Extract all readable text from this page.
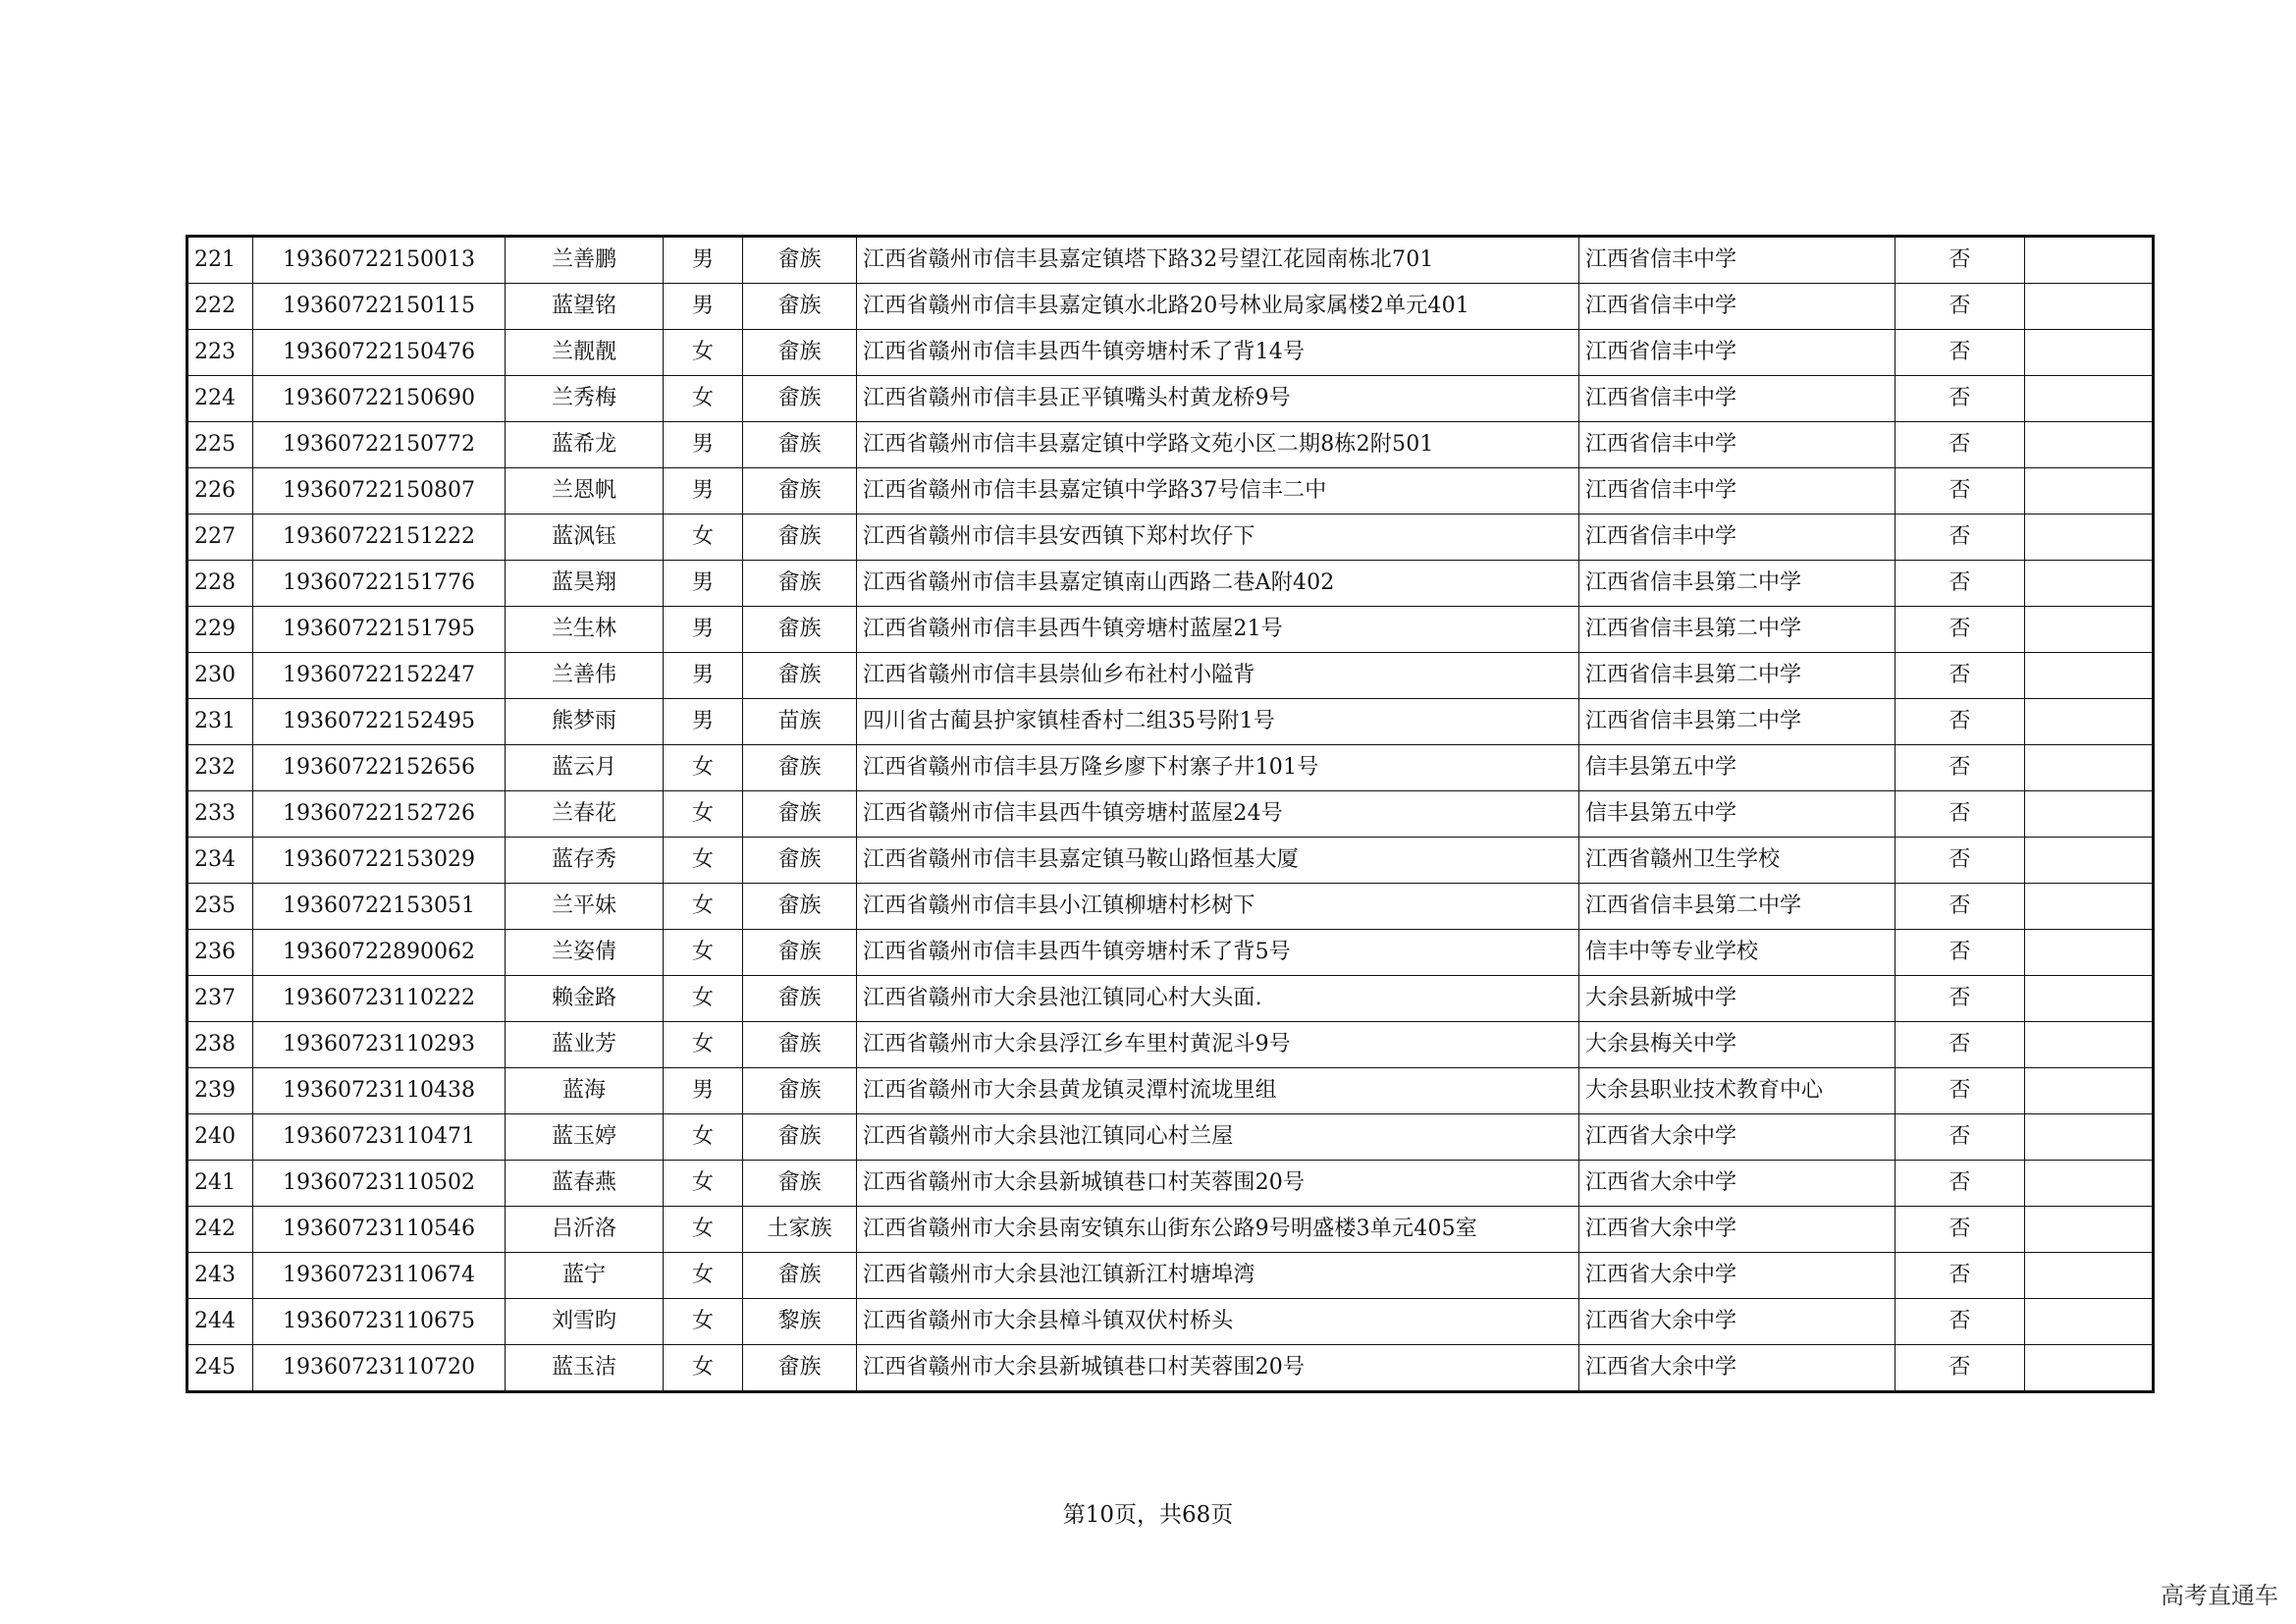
221	19360722150013	兰善鹏	男	畲族	江西省赣州市信丰县嘉定镇塔下路32号望江花园南栋北701	江西省信丰中学	否	
222	19360722150115	蓝望铭	男	畲族	江西省赣州市信丰县嘉定镇水北路20号林业局家属楼2单元401	江西省信丰中学	否	
223	19360722150476	兰靓靓	女	畲族	江西省赣州市信丰县西牛镇旁塘村禾了背14号	江西省信丰中学	否	
224	19360722150690	兰秀梅	女	畲族	江西省赣州市信丰县正平镇嘴头村黄龙桥9号	江西省信丰中学	否	
225	19360722150772	蓝希龙	男	畲族	江西省赣州市信丰县嘉定镇中学路文苑小区二期8栋2附501	江西省信丰中学	否	
226	19360722150807	兰恩帆	男	畲族	江西省赣州市信丰县嘉定镇中学路37号信丰二中	江西省信丰中学	否	
227	19360722151222	蓝沨钰	女	畲族	江西省赣州市信丰县安西镇下郑村坎仔下	江西省信丰中学	否	
228	19360722151776	蓝昊翔	男	畲族	江西省赣州市信丰县嘉定镇南山西路二巷A附402	江西省信丰县第二中学	否	
229	19360722151795	兰生林	男	畲族	江西省赣州市信丰县西牛镇旁塘村蓝屋21号	江西省信丰县第二中学	否	
230	19360722152247	兰善伟	男	畲族	江西省赣州市信丰县崇仙乡布社村小隘背	江西省信丰县第二中学	否	
231	19360722152495	熊梦雨	男	苗族	四川省古蔺县护家镇桂香村二组35号附1号	江西省信丰县第二中学	否	
232	19360722152656	蓝云月	女	畲族	江西省赣州市信丰县万隆乡廖下村寨子井101号	信丰县第五中学	否	
233	19360722152726	兰春花	女	畲族	江西省赣州市信丰县西牛镇旁塘村蓝屋24号	信丰县第五中学	否	
234	19360722153029	蓝存秀	女	畲族	江西省赣州市信丰县嘉定镇马鞍山路恒基大厦	江西省赣州卫生学校	否	
235	19360722153051	兰平妹	女	畲族	江西省赣州市信丰县小江镇柳塘村杉树下	江西省信丰县第二中学	否	
236	19360722890062	兰姿倩	女	畲族	江西省赣州市信丰县西牛镇旁塘村禾了背5号	信丰中等专业学校	否	
237	19360723110222	赖金路	女	畲族	江西省赣州市大余县池江镇同心村大头面.	大余县新城中学	否	
238	19360723110293	蓝业芳	女	畲族	江西省赣州市大余县浮江乡车里村黄泥斗9号	大余县梅关中学	否	
239	19360723110438	蓝海	男	畲族	江西省赣州市大余县黄龙镇灵潭村流垅里组	大余县职业技术教育中心	否	
240	19360723110471	蓝玉婷	女	畲族	江西省赣州市大余县池江镇同心村兰屋	江西省大余中学	否	
241	19360723110502	蓝春燕	女	畲族	江西省赣州市大余县新城镇巷口村芙蓉围20号	江西省大余中学	否	
242	19360723110546	吕沂洛	女	土家族	江西省赣州市大余县南安镇东山街东公路9号明盛楼3单元405室	江西省大余中学	否	
243	19360723110674	蓝宁	女	畲族	江西省赣州市大余县池江镇新江村塘埠湾	江西省大余中学	否	
244	19360723110675	刘雪昀	女	黎族	江西省赣州市大余县樟斗镇双伏村桥头	江西省大余中学	否	
245	19360723110720	蓝玉洁	女	畲族	江西省赣州市大余县新城镇巷口村芙蓉围20号	江西省大余中学	否	
第10页，共68页
高考直通车
